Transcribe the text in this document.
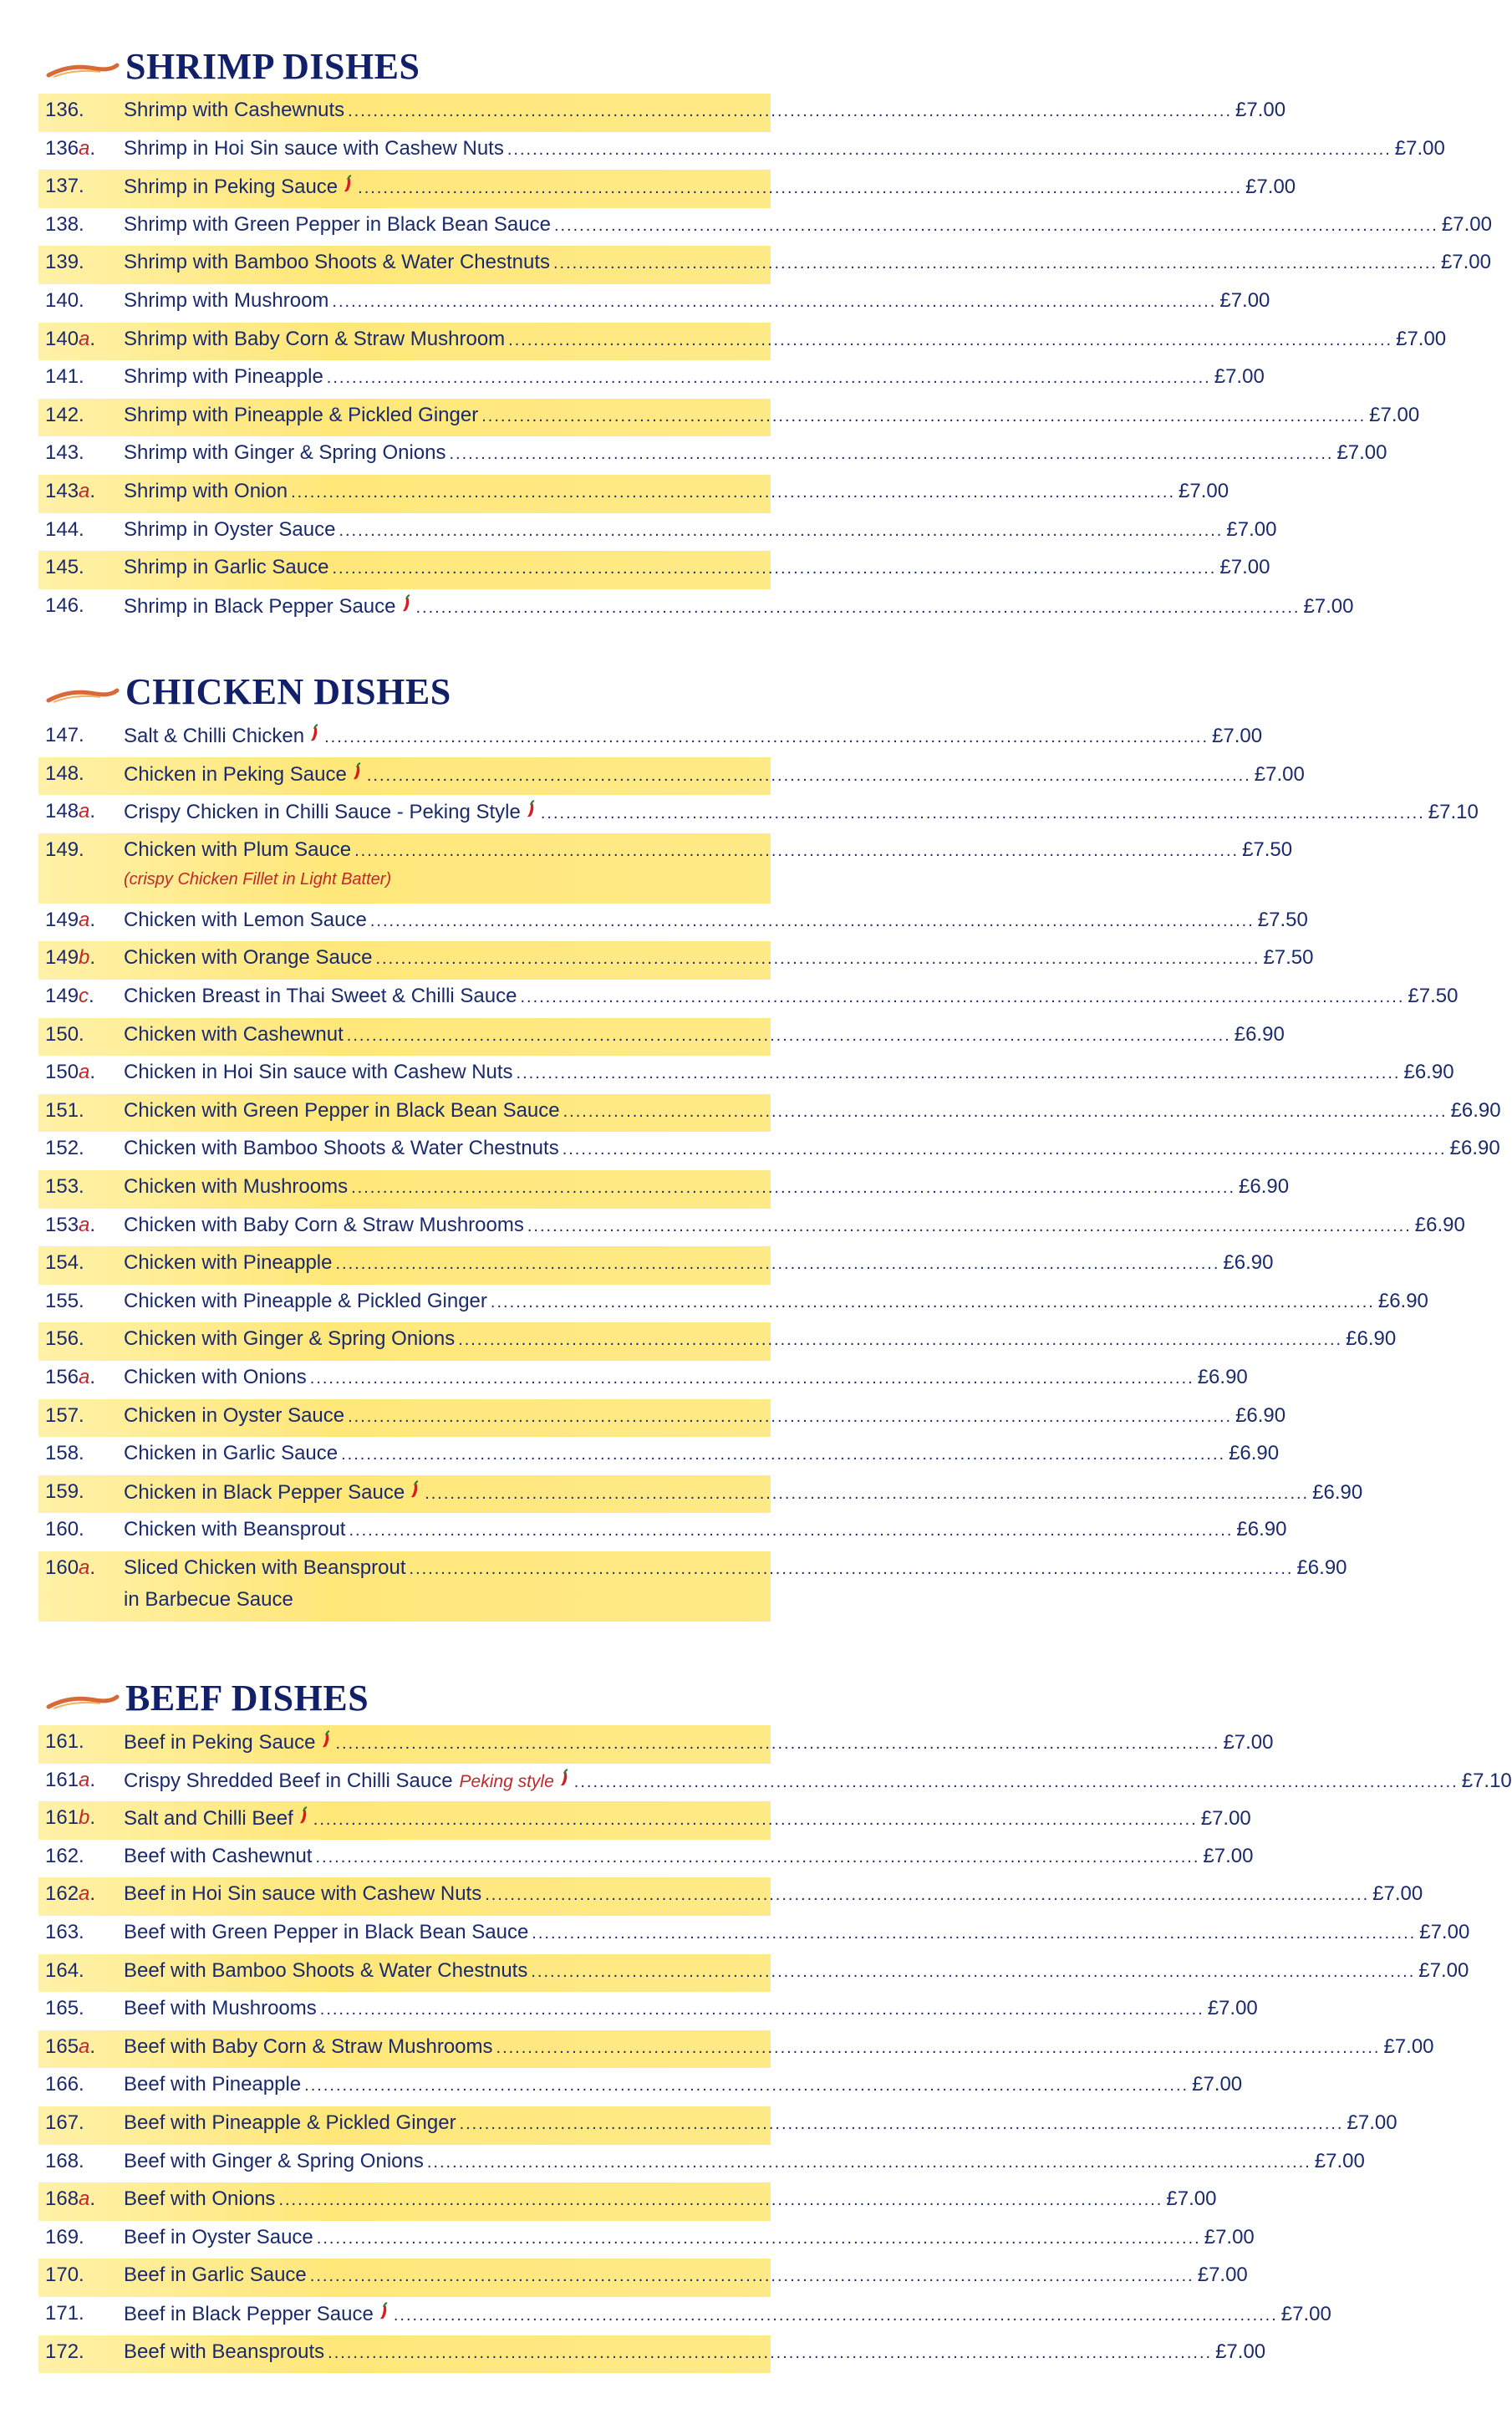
SHRIMP DISHES
136.	Shrimp with Cashewnuts ............................................................................................................................................ £7.00
136a.	Shrimp in Hoi Sin sauce with Cashew Nuts ............................................................................................................................................ £7.00
137.	Shrimp in Peking Sauce ............................................................................................................................................ £7.00
138.	Shrimp with Green Pepper in Black Bean Sauce ............................................................................................................................................ £7.00
139.	Shrimp with Bamboo Shoots & Water Chestnuts ............................................................................................................................................ £7.00
140.	Shrimp with Mushroom ............................................................................................................................................ £7.00
140a.	Shrimp with Baby Corn & Straw Mushroom ............................................................................................................................................ £7.00
141.	Shrimp with Pineapple ............................................................................................................................................ £7.00
142.	Shrimp with Pineapple & Pickled Ginger ............................................................................................................................................ £7.00
143.	Shrimp with Ginger & Spring Onions ............................................................................................................................................ £7.00
143a.	Shrimp with Onion ............................................................................................................................................ £7.00
144.	Shrimp in Oyster Sauce ............................................................................................................................................ £7.00
145.	Shrimp in Garlic Sauce ............................................................................................................................................ £7.00
146.	Shrimp in Black Pepper Sauce ............................................................................................................................................ £7.00
CHICKEN DISHES
147.	Salt & Chilli Chicken ............................................................................................................................................ £7.00
148.	Chicken in Peking Sauce ............................................................................................................................................ £7.00
148a.	Crispy Chicken in Chilli Sauce - Peking Style ............................................................................................................................................ £7.10
149.	Chicken with Plum Sauce ............................................................................................................................................ £7.50
(crispy Chicken Fillet in Light Batter)
149a.	Chicken with Lemon Sauce ............................................................................................................................................ £7.50
149b.	Chicken with Orange Sauce ............................................................................................................................................ £7.50
149c.	Chicken Breast in Thai Sweet & Chilli Sauce ............................................................................................................................................ £7.50
150.	Chicken with Cashewnut ............................................................................................................................................ £6.90
150a.	Chicken in Hoi Sin sauce with Cashew Nuts ............................................................................................................................................ £6.90
151.	Chicken with Green Pepper in Black Bean Sauce ............................................................................................................................................ £6.90
152.	Chicken with Bamboo Shoots & Water Chestnuts ............................................................................................................................................ £6.90
153.	Chicken with Mushrooms ............................................................................................................................................ £6.90
153a.	Chicken with Baby Corn & Straw Mushrooms ............................................................................................................................................ £6.90
154.	Chicken with Pineapple ............................................................................................................................................ £6.90
155.	Chicken with Pineapple & Pickled Ginger ............................................................................................................................................ £6.90
156.	Chicken with Ginger & Spring Onions ............................................................................................................................................ £6.90
156a.	Chicken with Onions ............................................................................................................................................ £6.90
157.	Chicken in Oyster Sauce ............................................................................................................................................ £6.90
158.	Chicken in Garlic Sauce ............................................................................................................................................ £6.90
159.	Chicken in Black Pepper Sauce ............................................................................................................................................ £6.90
160.	Chicken with Beansprout ............................................................................................................................................ £6.90
160a.	Sliced Chicken with Beansprout ............................................................................................................................................ £6.90
in Barbecue Sauce
BEEF DISHES
161.	Beef in Peking Sauce ............................................................................................................................................ £7.00
161a.	Crispy Shredded Beef in Chilli Sauce Peking style ............................................................................................................................................ £7.10
161b.	Salt and Chilli Beef ............................................................................................................................................ £7.00
162.	Beef with Cashewnut ............................................................................................................................................ £7.00
162a.	Beef in Hoi Sin sauce with Cashew Nuts ............................................................................................................................................ £7.00
163.	Beef with Green Pepper in Black Bean Sauce ............................................................................................................................................ £7.00
164.	Beef with Bamboo Shoots & Water Chestnuts ............................................................................................................................................ £7.00
165.	Beef with Mushrooms ............................................................................................................................................ £7.00
165a.	Beef with Baby Corn & Straw Mushrooms ............................................................................................................................................ £7.00
166.	Beef with Pineapple ............................................................................................................................................ £7.00
167.	Beef with Pineapple & Pickled Ginger ............................................................................................................................................ £7.00
168.	Beef with Ginger & Spring Onions ............................................................................................................................................ £7.00
168a.	Beef with Onions ............................................................................................................................................ £7.00
169.	Beef in Oyster Sauce ............................................................................................................................................ £7.00
170.	Beef in Garlic Sauce ............................................................................................................................................ £7.00
171.	Beef in Black Pepper Sauce ............................................................................................................................................ £7.00
172.	Beef with Beansprouts ............................................................................................................................................ £7.00
